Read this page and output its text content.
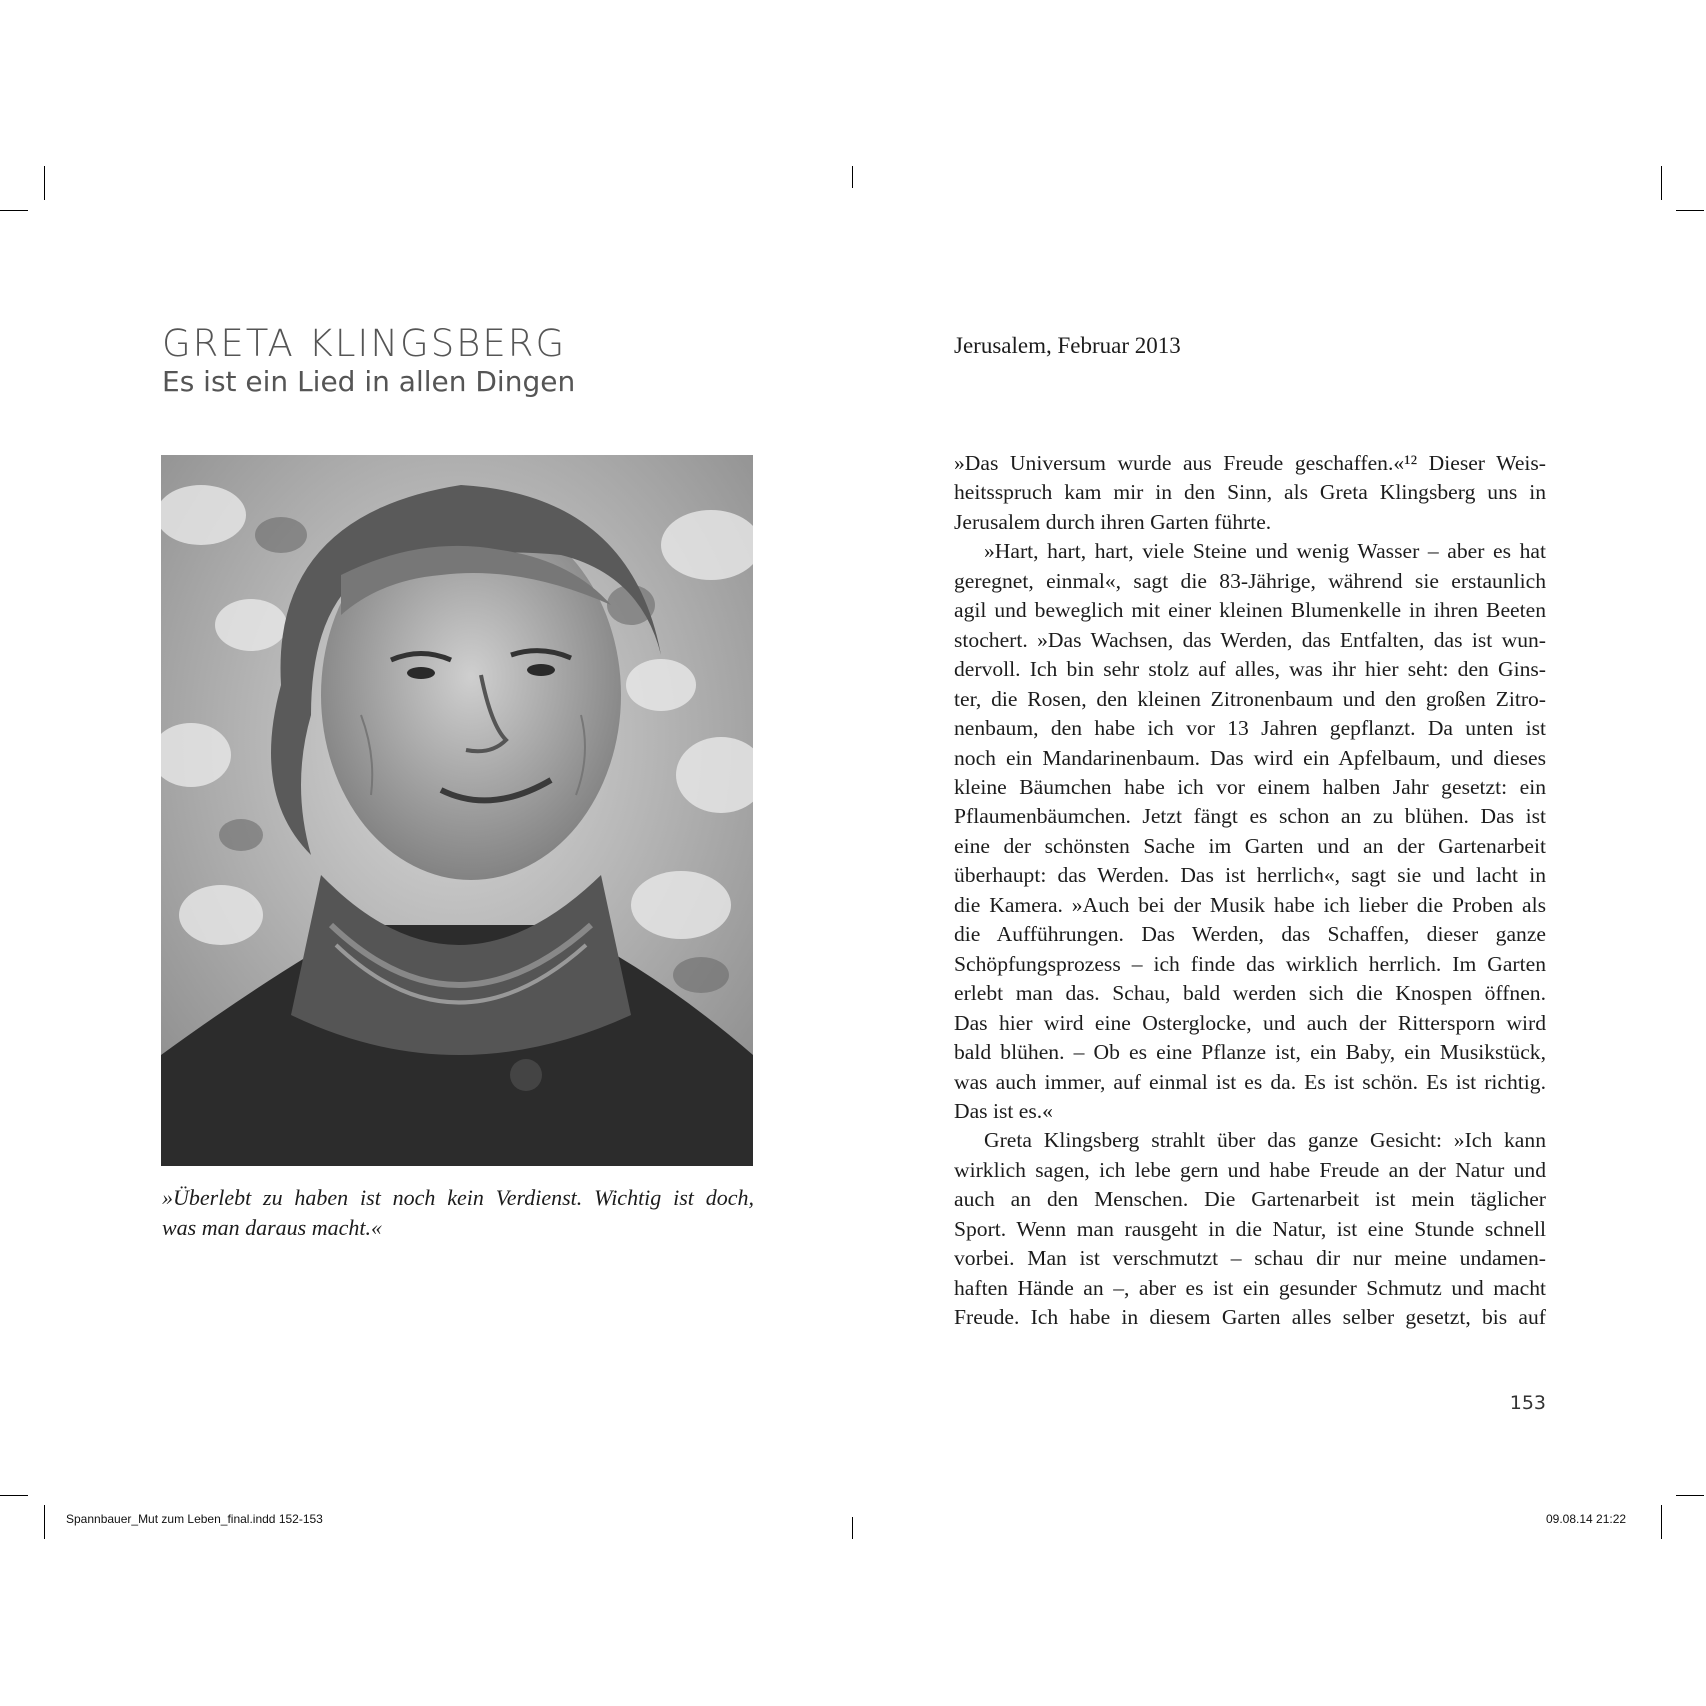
GRETA KLINGSBERG
Es ist ein Lied in allen Dingen
»Überlebt zu haben ist noch kein Verdienst. Wichtig ist doch,
was man daraus macht.«
Jerusalem, Februar 2013
»Das Universum wurde aus Freude geschaffen.«¹² Dieser Weis-
heitsspruch kam mir in den Sinn, als Greta Klingsberg uns in
Jerusalem durch ihren Garten führte.
»Hart, hart, hart, viele Steine und wenig Wasser – aber es hat
geregnet, einmal«, sagt die 83-Jährige, während sie erstaunlich
agil und beweglich mit einer kleinen Blumenkelle in ihren Beeten
stochert. »Das Wachsen, das Werden, das Entfalten, das ist wun-
dervoll. Ich bin sehr stolz auf alles, was ihr hier seht: den Gins-
ter, die Rosen, den kleinen Zitronenbaum und den großen Zitro-
nenbaum, den habe ich vor 13 Jahren gepflanzt. Da unten ist
noch ein Mandarinenbaum. Das wird ein Apfelbaum, und dieses
kleine Bäumchen habe ich vor einem halben Jahr gesetzt: ein
Pflaumenbäumchen. Jetzt fängt es schon an zu blühen. Das ist
eine der schönsten Sache im Garten und an der Gartenarbeit
überhaupt: das Werden. Das ist herrlich«, sagt sie und lacht in
die Kamera. »Auch bei der Musik habe ich lieber die Proben als
die Aufführungen. Das Werden, das Schaffen, dieser ganze
Schöpfungsprozess – ich finde das wirklich herrlich. Im Garten
erlebt man das. Schau, bald werden sich die Knospen öffnen.
Das hier wird eine Osterglocke, und auch der Rittersporn wird
bald blühen. – Ob es eine Pflanze ist, ein Baby, ein Musikstück,
was auch immer, auf einmal ist es da. Es ist schön. Es ist richtig.
Das ist es.«
Greta Klingsberg strahlt über das ganze Gesicht: »Ich kann
wirklich sagen, ich lebe gern und habe Freude an der Natur und
auch an den Menschen. Die Gartenarbeit ist mein täglicher
Sport. Wenn man rausgeht in die Natur, ist eine Stunde schnell
vorbei. Man ist verschmutzt – schau dir nur meine undamen-
haften Hände an –, aber es ist ein gesunder Schmutz und macht
Freude. Ich habe in diesem Garten alles selber gesetzt, bis auf
153
Spannbauer_Mut zum Leben_final.indd 152-153	09.08.14 21:22
